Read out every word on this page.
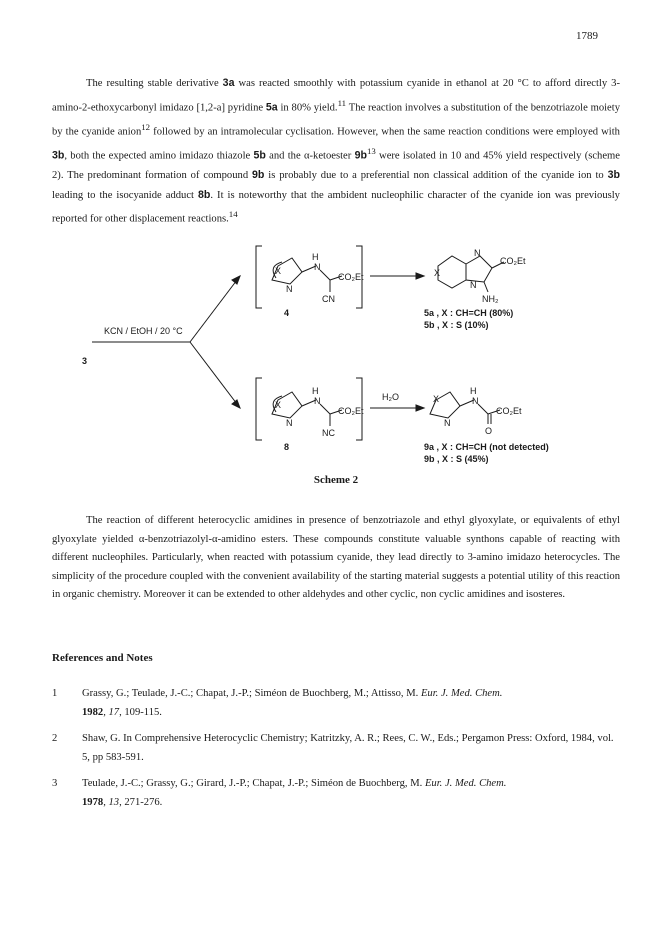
1789

The resulting stable derivative 3a was reacted smoothly with potassium cyanide in ethanol at 20 °C to afford directly 3-amino-2-ethoxycarbonyl imidazo [1,2-a] pyridine 5a in 80% yield.$^{11}$ The reaction involves a substitution of the benzotriazole moiety by the cyanide anion$^{12}$ followed by an intramolecular cyclisation. However, when the same reaction conditions were employed with 3b, both the expected amino imidazo thiazole 5b and the α-ketoester $9b^{13}$ were isolated in 10 and 45% yield respectively (scheme 2). The predominant formation of compound 9b is probably due to a preferential non classical addition of the cyanide ion to 3b leading to the isocyanide adduct 8b. It is noteworthy that the ambident nucleophilic character of the cyanide ion was previously reported for other displacement reactions.$^{14}$

3
KCN / EtOH / 20 °C
X
N
H
N
CO₂Et
CN
4
X
N
H
N
CO₂Et
NC
8
H₂O
X
N
N
CO₂Et
NH₂
5a , X : CH=CH (80%)
5b , X : S (10%)
X
N
H
N
CO₂Et
O
9a , X : CH=CH (not detected)
9b , X : S (45%)
Scheme 2

The reaction of different heterocyclic amidines in presence of benzotriazole and ethyl glyoxylate, or equivalents of ethyl glyoxylate yielded α-benzotriazolyl-α-amidino esters. These compounds constitute valuable synthons capable of reacting with different nucleophiles. Particularly, when reacted with potassium cyanide, they lead directly to 3-amino imidazo heterocycles. The simplicity of the procedure coupled with the convenient availability of the starting material suggests a potential utility of this reaction in organic chemistry. Moreover it can be extended to other aldehydes and other cyclic, non cyclic amidines and isosteres.

References and Notes
1 Grassy, G.; Teulade, J.-C.; Chapat, J.-P.; Siméon de Buochberg, M.; Attisso, M. Eur. J. Med. Chem.
1982, 17, 109-115.
2 Shaw, G. In Comprehensive Heterocyclic Chemistry; Katritzky, A. R.; Rees, C. W., Eds.; Pergamon Press: Oxford, 1984, vol. 5, pp 583-591.
3 Teulade, J.-C.; Grassy, G.; Girard, J.-P.; Chapat, J.-P.; Siméon de Buochberg, M. Eur. J. Med. Chem.
1978, 13, 271-276.
